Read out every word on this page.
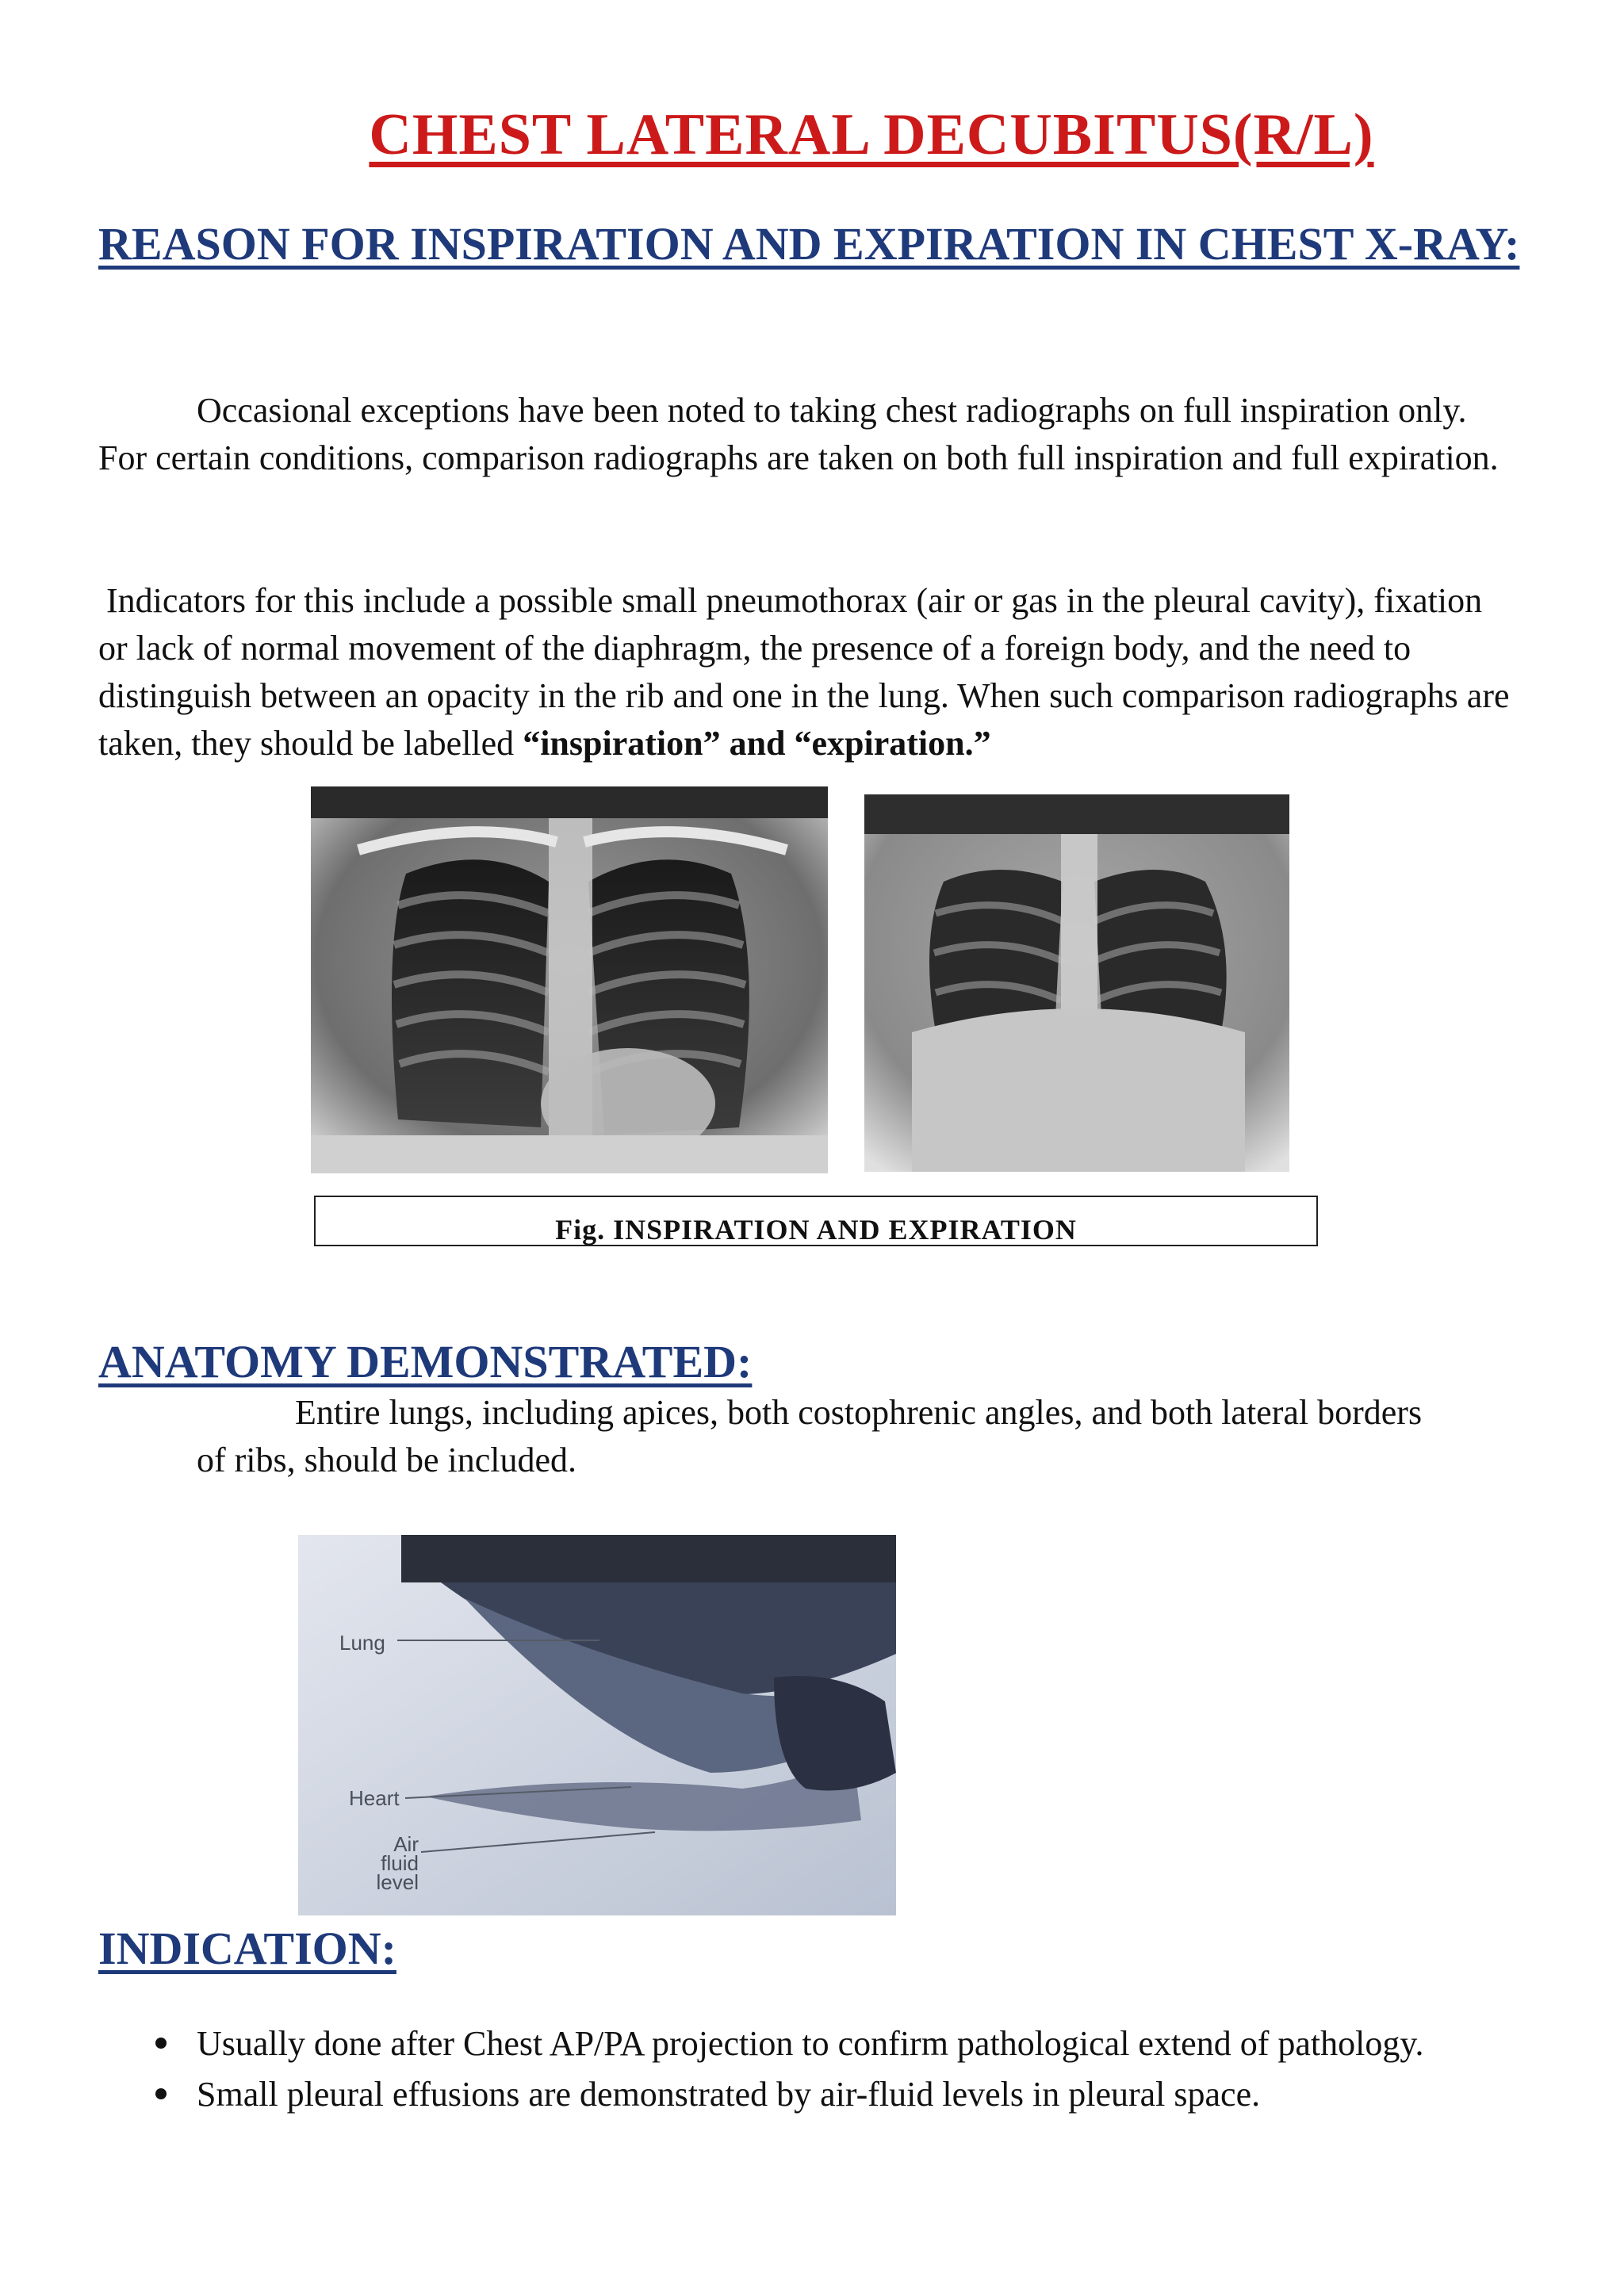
CHEST LATERAL DECUBITUS(R/L)
REASON FOR INSPIRATION AND EXPIRATION IN CHEST X-RAY:
Occasional exceptions have been noted to taking chest radiographs on full inspiration only. For certain conditions, comparison radiographs are taken on both full inspiration and full expiration.
Indicators for this include a possible small pneumothorax (air or gas in the pleural cavity), fixation or lack of normal movement of the diaphragm, the presence of a foreign body, and the need to distinguish between an opacity in the rib and one in the lung. When such comparison radiographs are taken, they should be labelled “inspiration” and “expiration.”
Fig. INSPIRATION AND EXPIRATION
ANATOMY DEMONSTRATED:
Entire lungs, including apices, both costophrenic angles, and both lateral borders of ribs, should be included.
Lung
Heart
Air fluid level
INDICATION:
Usually done after Chest AP/PA projection to confirm pathological extend of pathology.
Small pleural effusions are demonstrated by air-fluid levels in pleural space.
